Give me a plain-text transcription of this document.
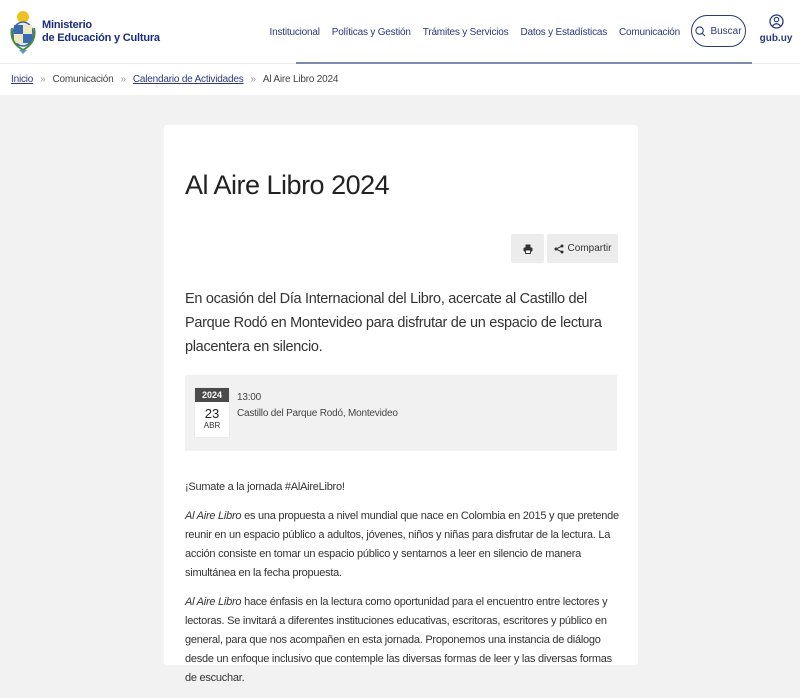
Ministerio
de Educación y Cultura	Institucional Políticas y Gestión Trámites y Servicios Datos y Estadísticas Comunicación	Buscar
gub.uy
Inicio » Comunicación » Calendario de Actividades » Al Aire Libro 2024
Al Aire Libro 2024
Compartir

En ocasión del Día Internacional del Libro, acercate al Castillo del Parque Rodó en Montevideo para disfrutar de un espacio de lectura placentera en silencio.

2024
23
ABR
13:00
Castillo del Parque Rodó, Montevideo

¡Sumate a la jornada #AlAireLibro!

Al Aire Libro es una propuesta a nivel mundial que nace en Colombia en 2015 y que pretende reunir en un espacio público a adultos, jóvenes, niños y niñas para disfrutar de la lectura. La acción consiste en tomar un espacio público y sentarnos a leer en silencio de manera simultánea en la fecha propuesta.

Al Aire Libro hace énfasis en la lectura como oportunidad para el encuentro entre lectores y lectoras. Se invitará a diferentes instituciones educativas, escritoras, escritores y público en general, para que nos acompañen en esta jornada. Proponemos una instancia de diálogo desde un enfoque inclusivo que contemple las diversas formas de leer y las diversas formas de escuchar.
